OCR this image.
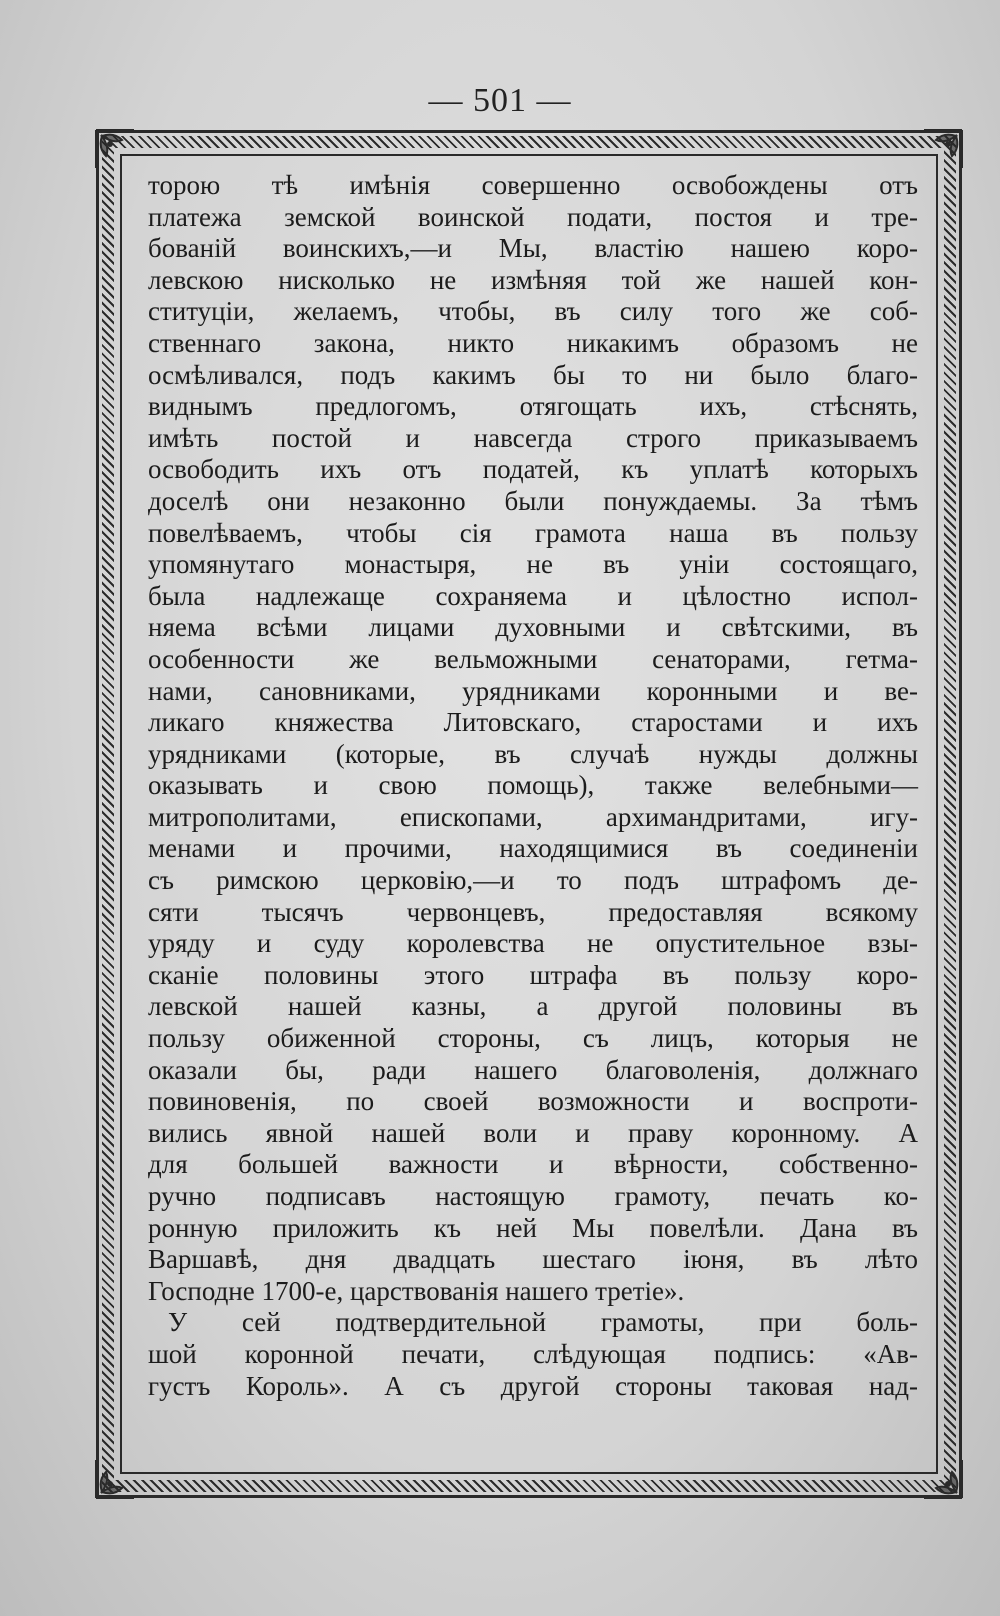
— 501 —
торою тѣ имѣнія совершенно освобождены отъ
платежа земской воинской подати, постоя и тре-
бованій воинскихъ,—и Мы, властію нашею коро-
левскою нисколько не измѣняя той же нашей кон-
ституціи, желаемъ, чтобы, въ силу того же соб-
ственнаго закона, никто никакимъ образомъ не
осмѣливался, подъ какимъ бы то ни было благо-
виднымъ предлогомъ, отягощать ихъ, стѣснять,
имѣть постой и навсегда строго приказываемъ
освободить ихъ отъ податей, къ уплатѣ которыхъ
доселѣ они незаконно были понуждаемы. За тѣмъ
повелѣваемъ, чтобы сія грамота наша въ пользу
упомянутаго монастыря, не въ уніи состоящаго,
была надлежаще сохраняема и цѣлостно испол-
няема всѣми лицами духовными и свѣтскими, въ
особенности же вельможными сенаторами, гетма-
нами, сановниками, урядниками коронными и ве-
ликаго княжества Литовскаго, старостами и ихъ
урядниками (которые, въ случаѣ нужды должны
оказывать и свою помощь), также велебными—
митрополитами, епископами, архимандритами, игу-
менами и прочими, находящимися въ соединеніи
съ римскою церковію,—и то подъ штрафомъ де-
сяти тысячъ червонцевъ, предоставляя всякому
уряду и суду королевства не опустительное взы-
сканіе половины этого штрафа въ пользу коро-
левской нашей казны, а другой половины въ
пользу обиженной стороны, съ лицъ, которыя не
оказали бы, ради нашего благоволенія, должнаго
повиновенія, по своей возможности и воспроти-
вились явной нашей воли и праву коронному. А
для большей важности и вѣрности, собственно-
ручно подписавъ настоящую грамоту, печать ко-
ронную приложить къ ней Мы повелѣли. Дана въ
Варшавѣ, дня двадцать шестаго іюня, въ лѣто
Господне 1700-е, царствованія нашего третіе».
У сей подтвердительной грамоты, при боль-
шой коронной печати, слѣдующая подпись: «Ав-
густъ Король». А съ другой стороны таковая над-
